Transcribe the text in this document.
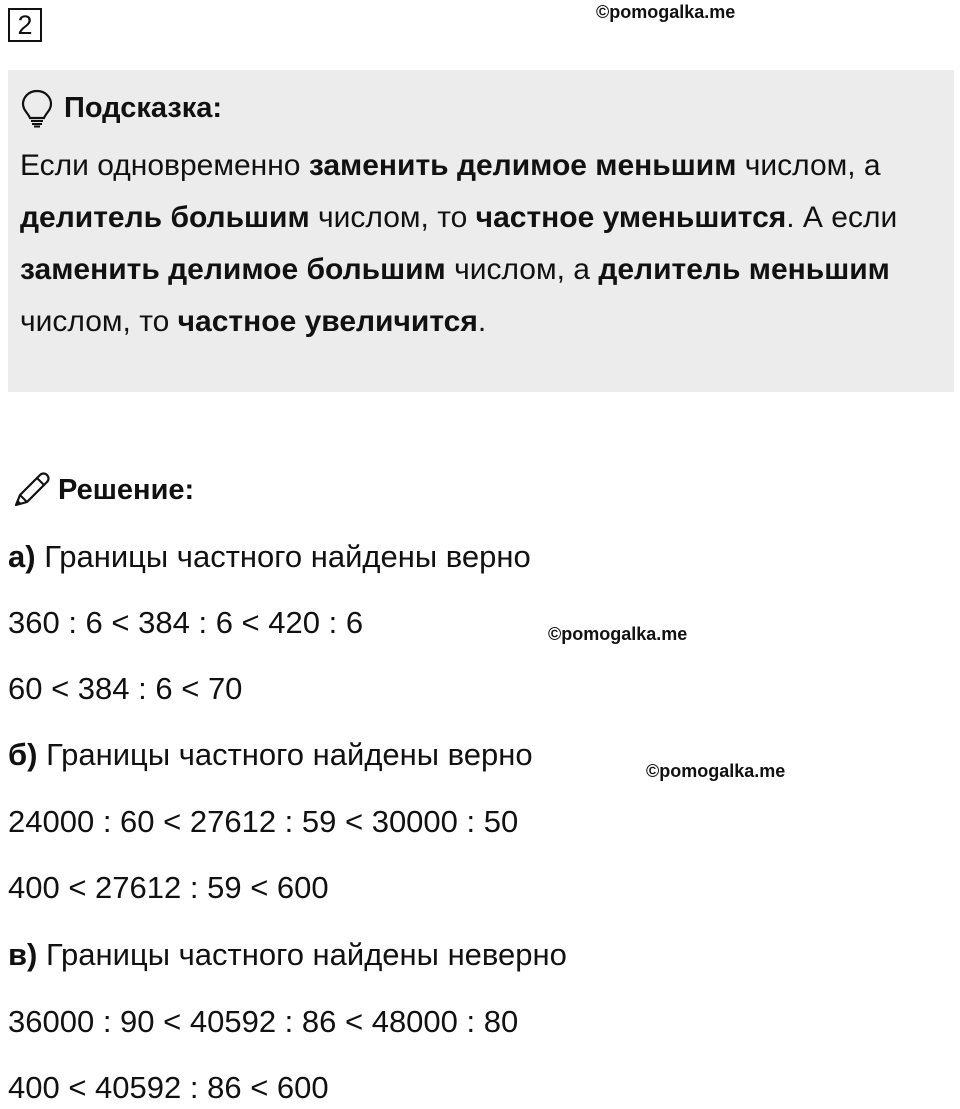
2	©pomogalka.me
Подсказка:
Если одновременно заменить делимое меньшим числом, а делитель большим числом, то частное уменьшится. А если заменить делимое большим числом, а делитель меньшим числом, то частное увеличится.
©pomogalka.me
©pomogalka.me
Решение:
а) Границы частного найдены верно
360 : 6 < 384 : 6 < 420 : 6
60 < 384 : 6 < 70
б) Границы частного найдены верно
24000 : 60 < 27612 : 59 < 30000 : 50
400 < 27612 : 59 < 600
в) Границы частного найдены неверно
36000 : 90 < 40592 : 86 < 48000 : 80
400 < 40592 : 86 < 600
